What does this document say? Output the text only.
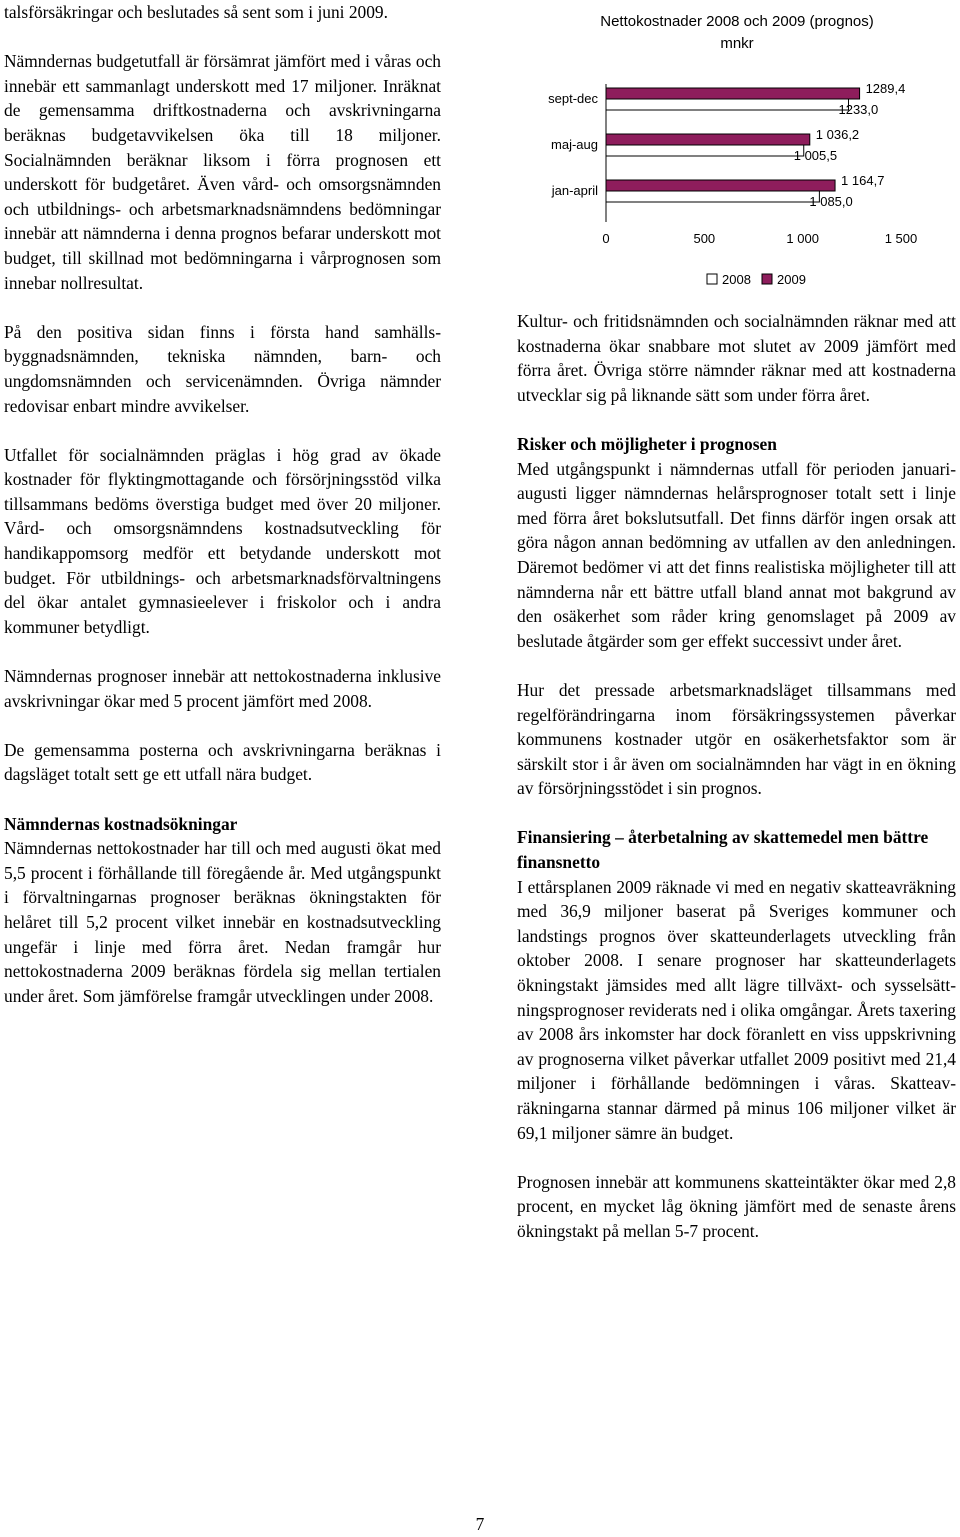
talsförsäkringar och beslutades så sent som i juni 2009.

Nämndernas budgetutfall är försämrat jämfört med i våras och innebär ett sammanlagt underskott med 17 miljoner. Inräknat de gemensamma driftkostnaderna och avskrivningarna beräknas budgetavvikelsen öka till 18 miljoner. Socialnämnden beräknar liksom i förra prognosen ett underskott för budgetåret. Även vård- och omsorgsnämnden och utbildnings- och arbetsmarknadsnämndens bedömningar innebär att nämnderna i denna prognos befarar underskott mot budget, till skillnad mot bedömningarna i vårprognosen som innebar nollresultat.

På den positiva sidan finns i första hand samhällsbyggnadsnämnden, tekniska nämnden, barn- och ungdomsnämnden och servicenämnden. Övriga nämnder redovisar enbart mindre avvikelser.

Utfallet för socialnämnden präglas i hög grad av ökade kostnader för flyktingmottagande och försörjningsstöd vilka tillsammans bedöms överstiga budget med över 20 miljoner. Vård- och omsorgsnämndens kostnadsutveckling för handikappomsorg medför ett betydande underskott mot budget. För utbildnings- och arbetsmarknadsförvaltningens del ökar antalet gymnasieelever i friskolor och i andra kommuner betydligt.

Nämndernas prognoser innebär att nettokostnaderna inklusive avskrivningar ökar med 5 procent jämfört med 2008.

De gemensamma posterna och avskrivningarna beräknas i dagsläget totalt sett ge ett utfall nära budget.

Nämndernas kostnadsökningar

Nämndernas nettokostnader har till och med augusti ökat med 5,5 procent i förhållande till föregående år. Med utgångspunkt i förvaltningarnas prognoser beräknas ökningstakten för helåret till 5,2 procent vilket innebär en kostnadsutveckling ungefär i linje med förra året. Nedan framgår hur nettokostnaderna 2009 beräknas fördela sig mellan tertialen under året. Som jämförelse framgår utvecklingen under 2008.

Nettokostnader 2008 och 2009 (prognos)
mnkr
sept-dec
1289,4
1233,0
maj-aug
1 036,2
1 005,5
jan-april
1 164,7
1 085,0
0	500	1 000	1 500
2008 2009

Kultur- och fritidsnämnden och socialnämnden räknar med att kostnaderna ökar snabbare mot slutet av 2009 jämfört med förra året. Övriga större nämnder räknar med att kostnaderna utvecklar sig på liknande sätt som under förra året.

Risker och möjligheter i prognosen

Med utgångspunkt i nämndernas utfall för perioden januari-augusti ligger nämndernas helårsprognoser totalt sett i linje med förra året bokslutsutfall. Det finns därför ingen orsak att göra någon annan bedömning av utfallen av den anledningen. Däremot bedömer vi att det finns realistiska möjligheter till att nämnderna når ett bättre utfall bland annat mot bakgrund av den osäkerhet som råder kring genomslaget på 2009 av beslutade åtgärder som ger effekt successivt under året.

Hur det pressade arbetsmarknadsläget tillsammans med regelförändringarna inom försäkringssystemen påverkar kommunens kostnader utgör en osäkerhetsfaktor som är särskilt stor i år även om socialnämnden har vägt in en ökning av försörjningsstödet i sin prognos.

Finansiering – återbetalning av skattemedel men bättre finansnetto

I ettårsplanen 2009 räknade vi med en negativ skatteavräkning med 36,9 miljoner baserat på Sveriges kommuner och landstings prognos över skatteunderlagets utveckling från oktober 2008. I senare prognoser har skatteunderlagets ökningstakt jämsides med allt lägre tillväxt- och sysselsättningsprognoser reviderats ned i olika omgångar. Årets taxering av 2008 års inkomster har dock föranlett en viss uppskrivning av prognoserna vilket påverkar utfallet 2009 positivt med 21,4 miljoner i förhållande bedömningen i våras. Skatteavräkningarna stannar därmed på minus 106 miljoner vilket är 69,1 miljoner sämre än budget.

Prognosen innebär att kommunens skatteintäkter ökar med 2,8 procent, en mycket låg ökning jämfört med de senaste årens ökningstakt på mellan 5-7 procent.

7
